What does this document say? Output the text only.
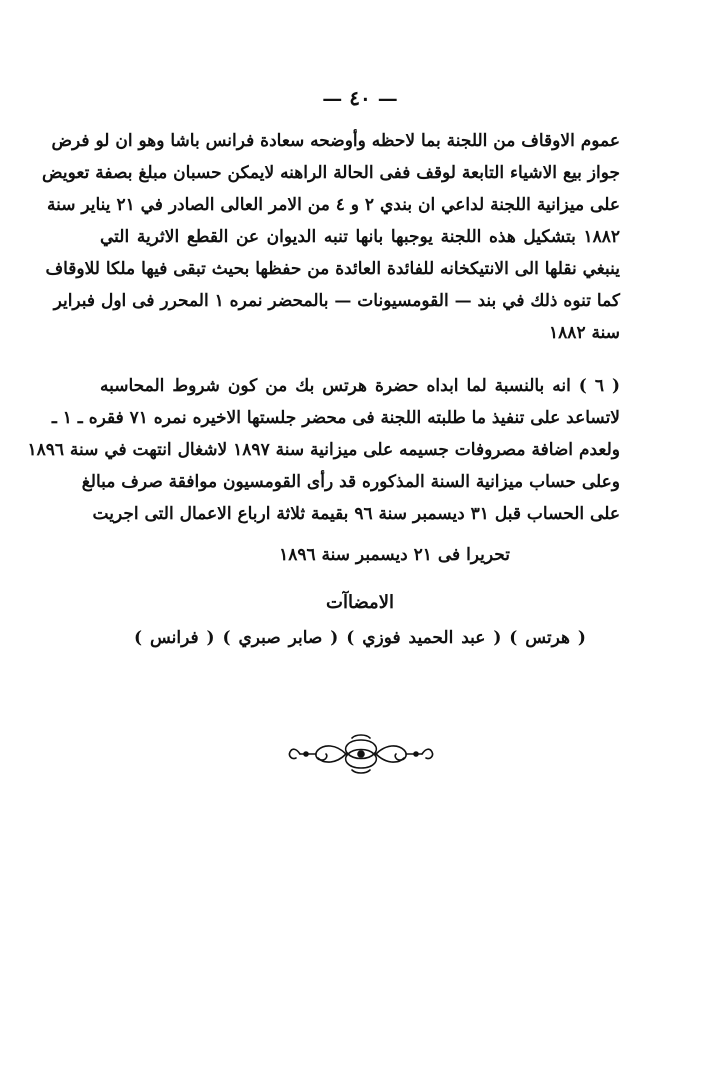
— ٤٠ —
عموم الاوقاف من اللجنة بما لاحظه وأوضحه سعادة فرانس باشا وهو ان لو فرض
جواز بيع الاشياء التابعة لوقف ففى الحالة الراهنه لايمكن حسبان مبلغ بصفة تعويض
على ميزانية اللجنة لداعي ان بندي ٢ و ٤ من الامر العالى الصادر في ٢١ يناير سنة
١٨٨٢ بتشكيل هذه اللجنة يوجبها بانها تنبه الديوان عن القطع الاثرية التي
ينبغي نقلها الى الانتيكخانه للفائدة العائدة من حفظها بحيث تبقى فيها ملكا للاوقاف
كما تنوه ذلك في بند — القومسيونات — بالمحضر نمره ١ المحرر فى اول فبراير
سنة ١٨٨٢
( ٦ ) انه بالنسبة لما ابداه حضرة هرتس بك من كون شروط المحاسبه
لاتساعد على تنفيذ ما طلبته اللجنة فى محضر جلستها الاخيره نمره ٧١ فقره ـ ١ ـ
ولعدم اضافة مصروفات جسيمه على ميزانية سنة ١٨٩٧ لاشغال انتهت في سنة ١٨٩٦
وعلى حساب ميزانية السنة المذكوره قد رأى القومسيون موافقة صرف مبالغ
على الحساب قبل ٣١ ديسمبر سنة ٩٦ بقيمة ثلاثة ارباع الاعمال التى اجريت
تحريرا فى ٢١ ديسمبر سنة ١٨٩٦
الامضاآت
( هرتس ) ( عبد الحميد فوزي ) ( صابر صبري ) ( فرانس )
